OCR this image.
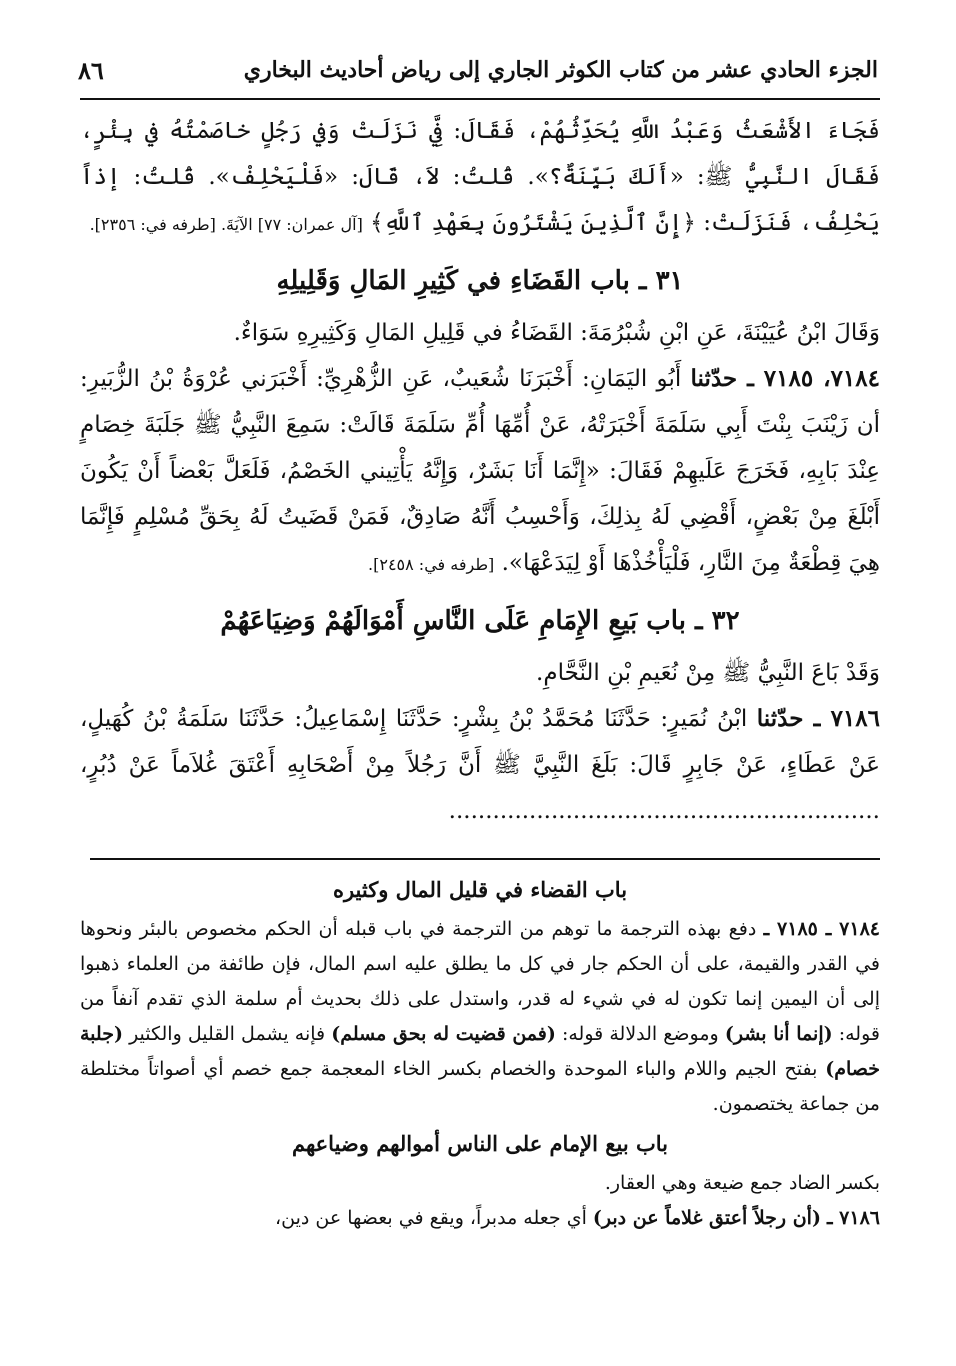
٨٦	الجزء الحادي عشر من كتاب الكوثر الجاري إلى رياض أحاديث البخاري

فَجَاءَ الأَشْعَثُ وَعَبْدُ اللَّهِ يُحَدِّثُهُمْ، فَقَالَ: فِيَّ نَزَلَتْ وَفي رَجُلٍ خاصَمْتُهُ في بِئْرٍ، فَقَالَ النَّبِيُّ ﷺ: «أَلَكَ بَيِّنَةٌ؟». قُلتُ: لاَ، قَالَ: «فَلْيَحْلِفْ». قُلتُ: إذاً يَحْلِفُ، فَنَزَلَتْ: ﴿إِنَّ ٱلَّذِينَ يَشْتَرُونَ بِعَهْدِ ٱللَّهِ﴾ [آل عمران: ٧٧] الآيَةَ. [طرفه في: ٢٣٥٦].

٣١ ـ باب القَضَاءِ في كَثِيرِ المَالِ وَقَلِيلِهِ

وَقَالَ ابْنُ عُيَيْنَةَ، عَنِ ابْنِ شُبْرُمَةَ: القَضَاءُ في قَلِيلِ المَالِ وَكَثِيرِهِ سَوَاءٌ.

٧١٨٤، ٧١٨٥ ـ حدّثنا أَبُو اليَمَانِ: أَخْبَرَنَا شُعَيبٌ، عَنِ الزُّهْرِيِّ: أَخْبَرَني عُرْوَةُ بْنُ الزُّبَيرِ: أن زَيْنَبَ بِنْتَ أَبِي سَلَمَةَ أَخْبَرَتْهُ، عَنْ أُمِّهَا أُمِّ سَلَمَةَ قَالَتْ: سَمِعَ النَّبِيُّ ﷺ جَلَبَةَ خِصَامٍ عِنْدَ بَابِهِ، فَخَرَجَ عَلَيهِمْ فَقَالَ: «إِنَّمَا أَنَا بَشَرٌ، وَإِنَّهُ يَأْتِيني الخَصْمُ، فَلَعَلَّ بَعْضاً أَنْ يَكُونَ أَبْلَغَ مِنْ بَعْضٍ، أَقْضِي لَهُ بِذلِكَ، وَأَحْسِبُ أَنَّهُ صَادِقٌ، فَمَنْ قَضَيتُ لَهُ بِحَقِّ مُسْلِمٍ فَإِنَّمَا هِيَ قِطْعَةٌ مِنَ النَّارِ، فَلْيَأْخُذْهَا أَوْ لِيَدَعْهَا». [طرفه في: ٢٤٥٨].

٣٢ ـ باب بَيعِ الإِمَامِ عَلَى النَّاسِ أَمْوَالَهُمْ وَضِيَاعَهُمْ

وَقَدْ بَاعَ النَّبِيُّ ﷺ مِنْ نُعَيمِ بْنِ النَّحَّامِ.

٧١٨٦ ـ حدّثنا ابْنُ نُمَيرٍ: حَدَّثَنَا مُحَمَّدُ بْنُ بِشْرٍ: حَدَّثَنَا إِسْمَاعِيلُ: حَدَّثَنَا سَلَمَةُ بْنُ كُهَيلٍ، عَنْ عَطَاءٍ، عَنْ جَابِرٍ قَالَ: بَلَغَ النَّبِيَّ ﷺ أَنَّ رَجُلاً مِنْ أَصْحَابِهِ أَعْتَقَ غُلاَماً عَنْ دُبُرٍ، ...........................................................

باب القضاء في قليل المال وكثيره

٧١٨٤ ـ ٧١٨٥ ـ دفع بهذه الترجمة ما توهم من الترجمة في باب قبله أن الحكم مخصوص بالبئر ونحوها في القدر والقيمة، على أن الحكم جار في كل ما يطلق عليه اسم المال، فإن طائفة من العلماء ذهبوا إلى أن اليمين إنما تكون له في شيء له قدر، واستدل على ذلك بحديث أم سلمة الذي تقدم آنفاً من قوله: (إنما أنا بشر) وموضع الدلالة قوله: (فمن قضيت له بحق مسلم) فإنه يشمل القليل والكثير (جلبة خصام) بفتح الجيم واللام والباء الموحدة والخصام بكسر الخاء المعجمة جمع خصم أي أصواتاً مختلطة من جماعة يختصمون.

باب بيع الإمام على الناس أموالهم وضياعهم

بكسر الضاد جمع ضيعة وهي العقار.

٧١٨٦ ـ (أن رجلاً أعتق غلاماً عن دبر) أي جعله مدبراً، ويقع في بعضها عن دين،
